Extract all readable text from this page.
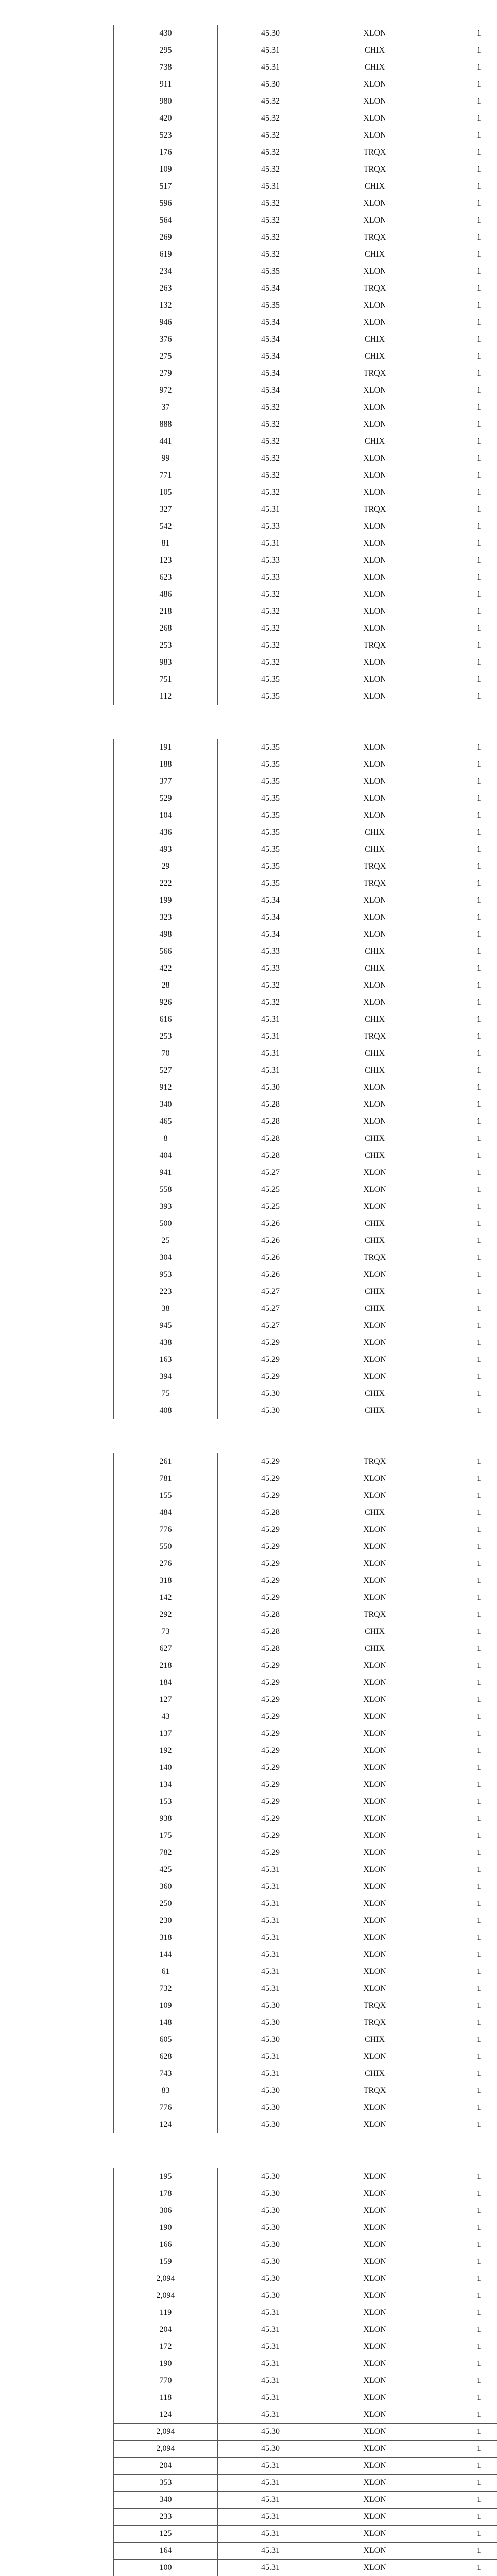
430	45.30	XLON	1
295	45.31	CHIX	1
738	45.31	CHIX	1
911	45.30	XLON	1
980	45.32	XLON	1
420	45.32	XLON	1
523	45.32	XLON	1
176	45.32	TRQX	1
109	45.32	TRQX	1
517	45.31	CHIX	1
596	45.32	XLON	1
564	45.32	XLON	1
269	45.32	TRQX	1
619	45.32	CHIX	1
234	45.35	XLON	1
263	45.34	TRQX	1
132	45.35	XLON	1
946	45.34	XLON	1
376	45.34	CHIX	1
275	45.34	CHIX	1
279	45.34	TRQX	1
972	45.34	XLON	1
37	45.32	XLON	1
888	45.32	XLON	1
441	45.32	CHIX	1
99	45.32	XLON	1
771	45.32	XLON	1
105	45.32	XLON	1
327	45.31	TRQX	1
542	45.33	XLON	1
81	45.31	XLON	1
123	45.33	XLON	1
623	45.33	XLON	1
486	45.32	XLON	1
218	45.32	XLON	1
268	45.32	XLON	1
253	45.32	TRQX	1
983	45.32	XLON	1
751	45.35	XLON	1
112	45.35	XLON	1
191	45.35	XLON	1
188	45.35	XLON	1
377	45.35	XLON	1
529	45.35	XLON	1
104	45.35	XLON	1
436	45.35	CHIX	1
493	45.35	CHIX	1
29	45.35	TRQX	1
222	45.35	TRQX	1
199	45.34	XLON	1
323	45.34	XLON	1
498	45.34	XLON	1
566	45.33	CHIX	1
422	45.33	CHIX	1
28	45.32	XLON	1
926	45.32	XLON	1
616	45.31	CHIX	1
253	45.31	TRQX	1
70	45.31	CHIX	1
527	45.31	CHIX	1
912	45.30	XLON	1
340	45.28	XLON	1
465	45.28	XLON	1
8	45.28	CHIX	1
404	45.28	CHIX	1
941	45.27	XLON	1
558	45.25	XLON	1
393	45.25	XLON	1
500	45.26	CHIX	1
25	45.26	CHIX	1
304	45.26	TRQX	1
953	45.26	XLON	1
223	45.27	CHIX	1
38	45.27	CHIX	1
945	45.27	XLON	1
438	45.29	XLON	1
163	45.29	XLON	1
394	45.29	XLON	1
75	45.30	CHIX	1
408	45.30	CHIX	1
261	45.29	TRQX	1
781	45.29	XLON	1
155	45.29	XLON	1
484	45.28	CHIX	1
776	45.29	XLON	1
550	45.29	XLON	1
276	45.29	XLON	1
318	45.29	XLON	1
142	45.29	XLON	1
292	45.28	TRQX	1
73	45.28	CHIX	1
627	45.28	CHIX	1
218	45.29	XLON	1
184	45.29	XLON	1
127	45.29	XLON	1
43	45.29	XLON	1
137	45.29	XLON	1
192	45.29	XLON	1
140	45.29	XLON	1
134	45.29	XLON	1
153	45.29	XLON	1
938	45.29	XLON	1
175	45.29	XLON	1
782	45.29	XLON	1
425	45.31	XLON	1
360	45.31	XLON	1
250	45.31	XLON	1
230	45.31	XLON	1
318	45.31	XLON	1
144	45.31	XLON	1
61	45.31	XLON	1
732	45.31	XLON	1
109	45.30	TRQX	1
148	45.30	TRQX	1
605	45.30	CHIX	1
628	45.31	XLON	1
743	45.31	CHIX	1
83	45.30	TRQX	1
776	45.30	XLON	1
124	45.30	XLON	1
195	45.30	XLON	1
178	45.30	XLON	1
306	45.30	XLON	1
190	45.30	XLON	1
166	45.30	XLON	1
159	45.30	XLON	1
2,094	45.30	XLON	1
2,094	45.30	XLON	1
119	45.31	XLON	1
204	45.31	XLON	1
172	45.31	XLON	1
190	45.31	XLON	1
770	45.31	XLON	1
118	45.31	XLON	1
124	45.31	XLON	1
2,094	45.30	XLON	1
2,094	45.30	XLON	1
204	45.31	XLON	1
353	45.31	XLON	1
340	45.31	XLON	1
233	45.31	XLON	1
125	45.31	XLON	1
164	45.31	XLON	1
100	45.31	XLON	1
